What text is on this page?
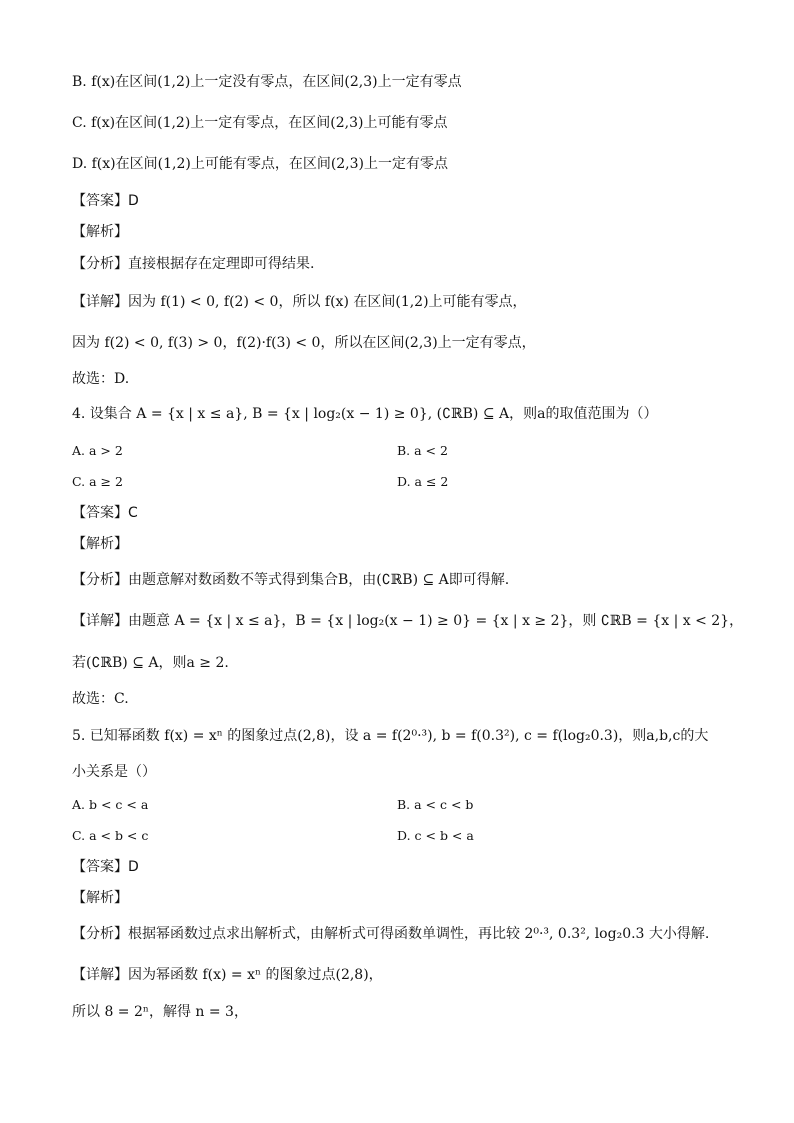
B. f(x)在区间(1,2)上一定没有零点，在区间(2,3)上一定有零点
C. f(x)在区间(1,2)上一定有零点，在区间(2,3)上可能有零点
D. f(x)在区间(1,2)上可能有零点，在区间(2,3)上一定有零点
【答案】D
【解析】
【分析】直接根据存在定理即可得结果.
【详解】因为 f(1) < 0, f(2) < 0，所以 f(x) 在区间(1,2)上可能有零点，
因为 f(2) < 0, f(3) > 0，f(2)·f(3) < 0，所以在区间(2,3)上一定有零点，
故选：D.
4. 设集合 A = {x | x ≤ a}, B = {x | log₂(x − 1) ≥ 0}, (∁ℝB) ⊆ A，则a的取值范围为（）
A. a > 2	B. a < 2
C. a ≥ 2	D. a ≤ 2
【答案】C
【解析】
【分析】由题意解对数函数不等式得到集合B，由(∁ℝB) ⊆ A即可得解.
【详解】由题意 A = {x | x ≤ a}，B = {x | log₂(x − 1) ≥ 0} = {x | x ≥ 2}，则 ∁ℝB = {x | x < 2}，
若(∁ℝB) ⊆ A，则a ≥ 2.
故选：C.
5. 已知幂函数 f(x) = xⁿ 的图象过点(2,8)，设 a = f(2⁰·³), b = f(0.3²), c = f(log₂0.3)，则a,b,c的大
小关系是（）
A. b < c < a	B. a < c < b
C. a < b < c	D. c < b < a
【答案】D
【解析】
【分析】根据幂函数过点求出解析式，由解析式可得函数单调性，再比较 2⁰·³, 0.3², log₂0.3 大小得解.
【详解】因为幂函数 f(x) = xⁿ 的图象过点(2,8)，
所以 8 = 2ⁿ，解得 n = 3，
